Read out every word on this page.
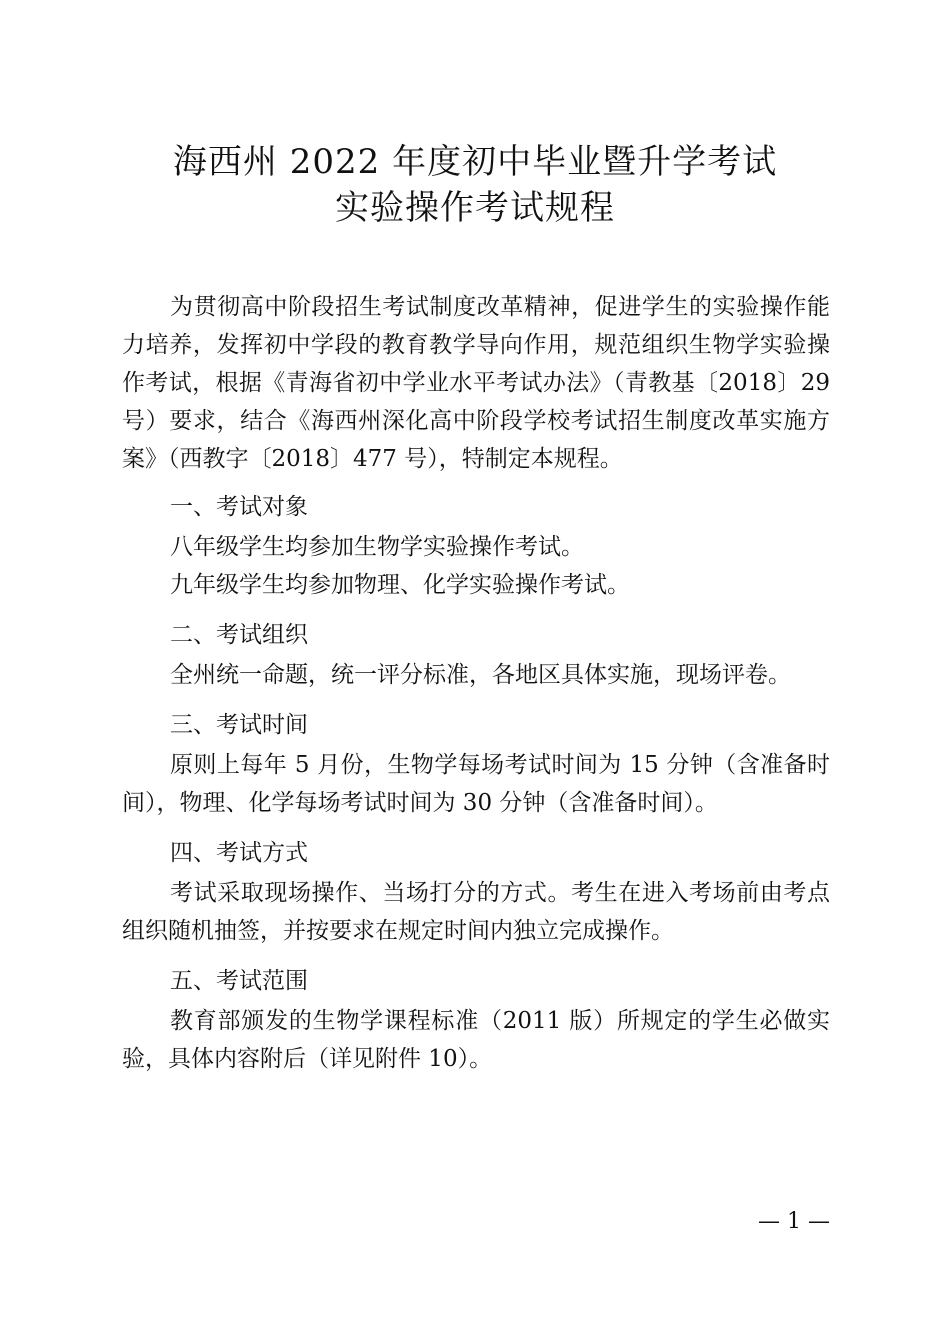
海西州 2022 年度初中毕业暨升学考试
实验操作考试规程

为贯彻高中阶段招生考试制度改革精神，促进学生的实验操作能力培养，发挥初中学段的教育教学导向作用，规范组织生物学实验操作考试，根据《青海省初中学业水平考试办法》（青教基〔2018〕29 号）要求，结合《海西州深化高中阶段学校考试招生制度改革实施方案》（西教字〔2018〕477 号），特制定本规程。

一、考试对象

八年级学生均参加生物学实验操作考试。

九年级学生均参加物理、化学实验操作考试。

二、考试组织

全州统一命题，统一评分标准，各地区具体实施，现场评卷。

三、考试时间

原则上每年 5 月份，生物学每场考试时间为 15 分钟（含准备时间），物理、化学每场考试时间为 30 分钟（含准备时间）。

四、考试方式

考试采取现场操作、当场打分的方式。考生在进入考场前由考点组织随机抽签，并按要求在规定时间内独立完成操作。

五、考试范围

教育部颁发的生物学课程标准（2011 版）所规定的学生必做实验，具体内容附后（详见附件 10）。

— 1 —
